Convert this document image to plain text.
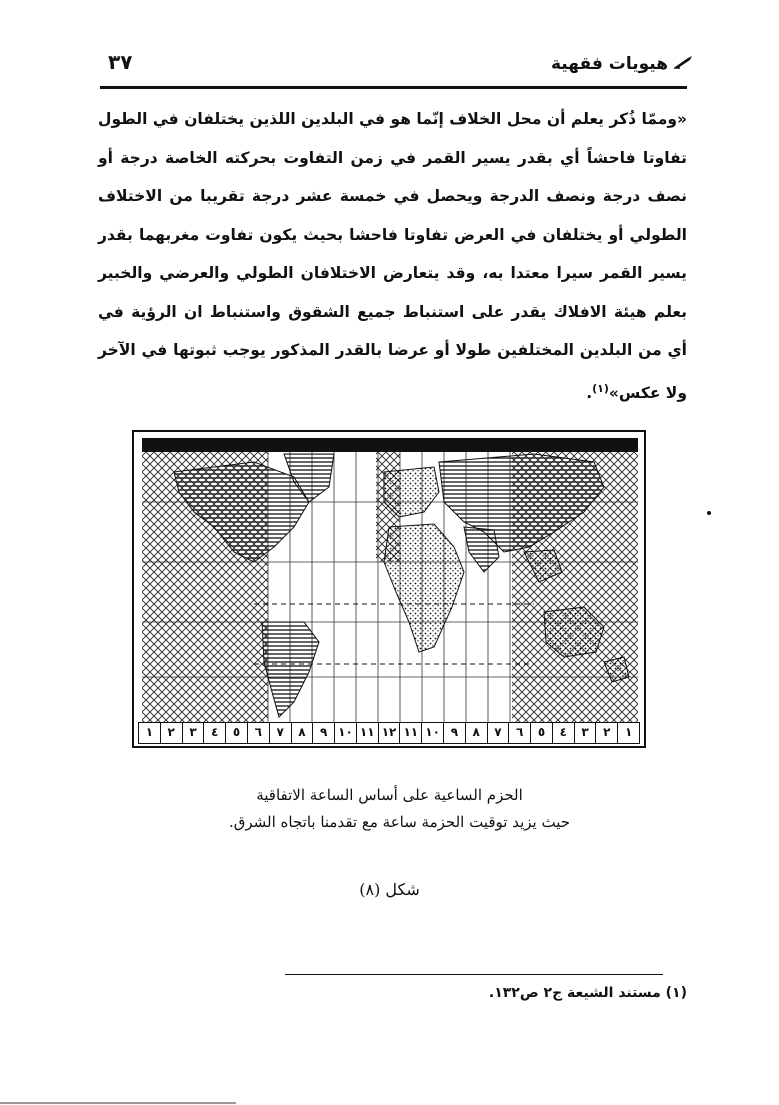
٣٧	هيويات فقهية

«وممّا ذُكر يعلم أن محل الخلاف إنّما هو في البلدين اللذين يختلفان في الطول تفاوتا فاحشاً أي بقدر يسير القمر في زمن التفاوت بحركته الخاصة درجة أو نصف درجة ونصف الدرجة ويحصل في خمسة عشر درجة تقريبا من الاختلاف الطولي أو يختلفان في العرض تفاوتا فاحشا بحيث يكون تفاوت مغربهما بقدر يسير القمر سيرا معتدا به، وقد يتعارض الاختلافان الطولي والعرضي والخبير بعلم هيئة الافلاك يقدر على استنباط جميع الشقوق واستنباط ان الرؤية في أي من البلدين المختلفين طولا أو عرضا بالقدر المذكور يوجب ثبوتها في الآخر ولا عكس»$^{(١)}$.

١
٢
٣
٤
٥
٦
٧
٨
٩
١٠
١١
١٢
١١
١٠
٩
٨
٧
٦
٥
٤
٣
٢
١
الحزم الساعية على أساس الساعة الاتفاقية
حيث يزيد توقيت الحزمة ساعة مع تقدمنا باتجاه الشرق.
شكل (٨)
(١) مستند الشيعة ج٢ ص١٣٢.
